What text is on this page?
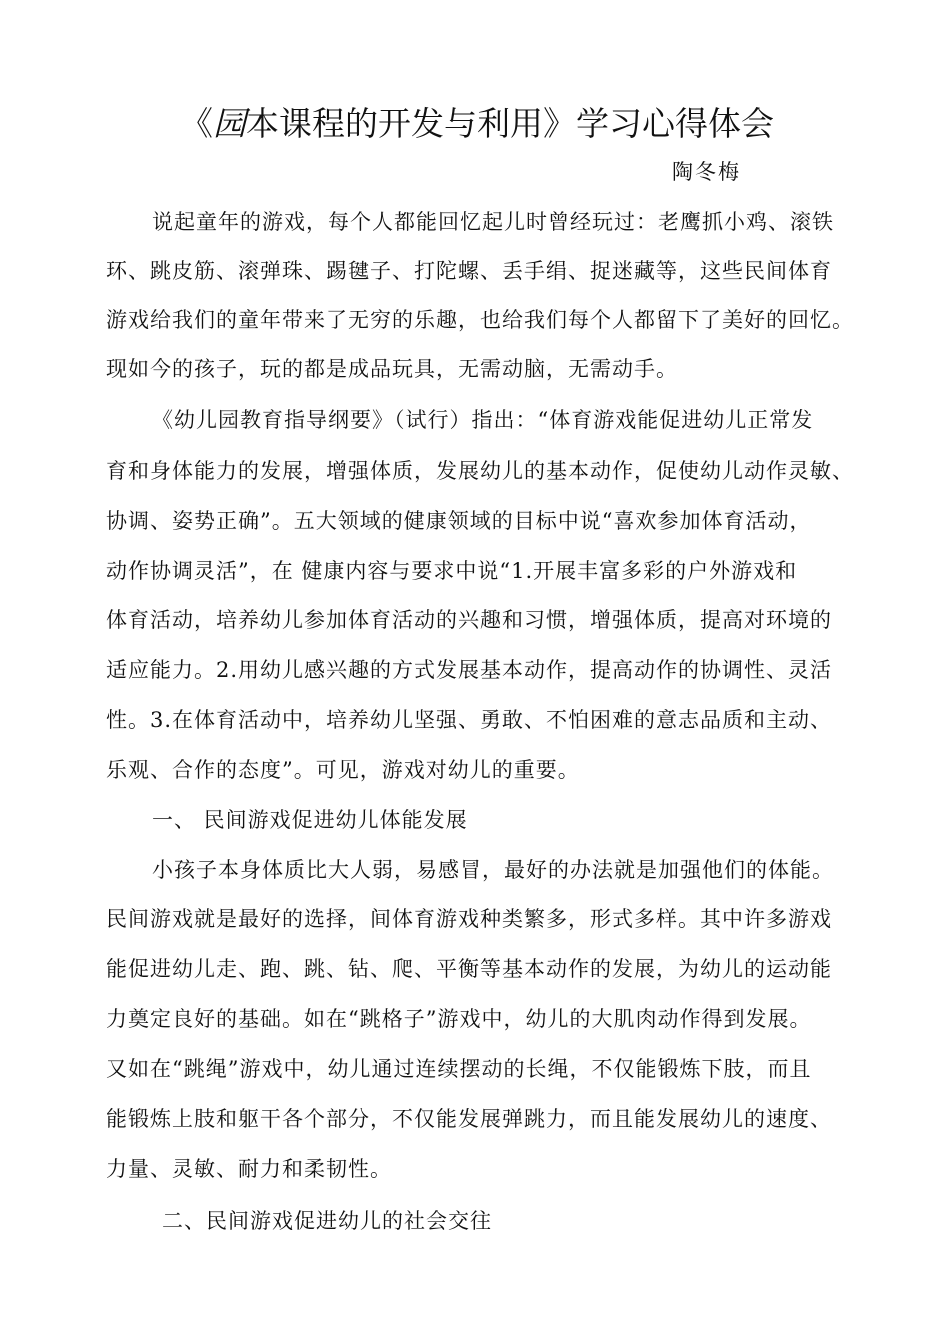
《园本课程的开发与利用》学习心得体会
陶冬梅
说起童年的游戏，每个人都能回忆起儿时曾经玩过：老鹰抓小鸡、滚铁
环、跳皮筋、滚弹珠、踢毽子、打陀螺、丢手绢、捉迷藏等，这些民间体育
游戏给我们的童年带来了无穷的乐趣，也给我们每个人都留下了美好的回忆。
现如今的孩子，玩的都是成品玩具，无需动脑，无需动手。
《幼儿园教育指导纲要》（试行）指出：“体育游戏能促进幼儿正常发
育和身体能力的发展，增强体质，发展幼儿的基本动作，促使幼儿动作灵敏、
协调、姿势正确”。五大领域的健康领域的目标中说“喜欢参加体育活动，
动作协调灵活”，在 健康内容与要求中说“1.开展丰富多彩的户外游戏和
体育活动，培养幼儿参加体育活动的兴趣和习惯，增强体质，提高对环境的
适应能力。2.用幼儿感兴趣的方式发展基本动作，提高动作的协调性、灵活
性。3.在体育活动中，培养幼儿坚强、勇敢、不怕困难的意志品质和主动、
乐观、合作的态度”。可见，游戏对幼儿的重要。
一、 民间游戏促进幼儿体能发展
小孩子本身体质比大人弱，易感冒，最好的办法就是加强他们的体能。
民间游戏就是最好的选择，间体育游戏种类繁多，形式多样。其中许多游戏
能促进幼儿走、跑、跳、钻、爬、平衡等基本动作的发展，为幼儿的运动能
力奠定良好的基础。如在“跳格子”游戏中，幼儿的大肌肉动作得到发展。
又如在“跳绳”游戏中，幼儿通过连续摆动的长绳，不仅能锻炼下肢，而且
能锻炼上肢和躯干各个部分，不仅能发展弹跳力，而且能发展幼儿的速度、
力量、灵敏、耐力和柔韧性。
二、民间游戏促进幼儿的社会交往
